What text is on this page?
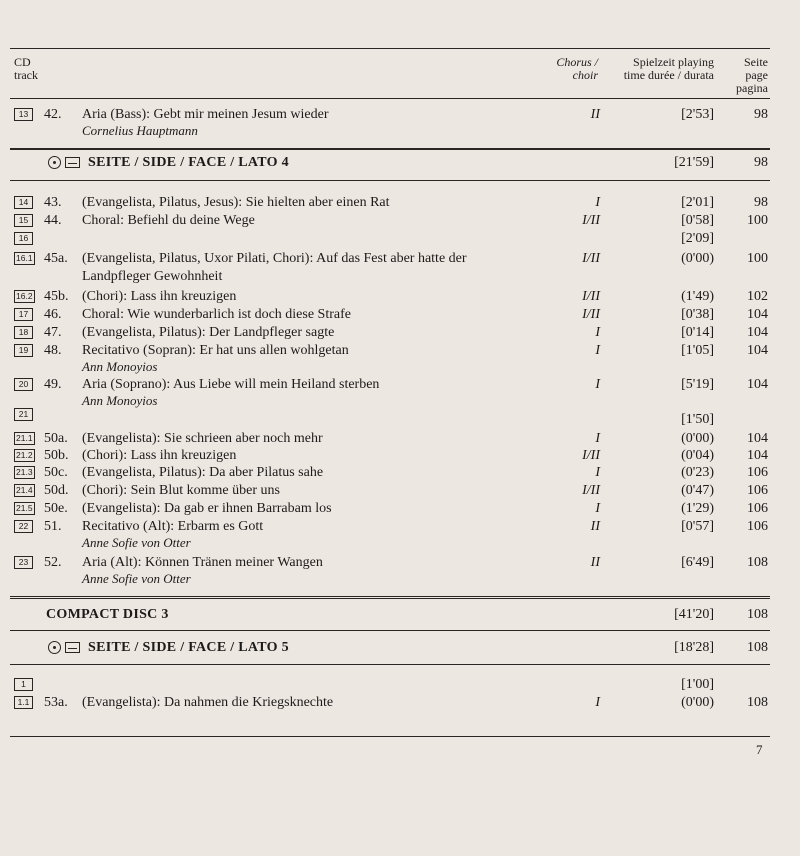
CD track
Chorus / choir
Spielzeit playing time durée / durata
Seite page pagina
13	42.	Aria (Bass): Gebt mir meinen Jesum wieder	II	[2'53]	98
Cornelius Hauptmann
SEITE / SIDE / FACE / LATO 4	[21'59]	98
14	43.	(Evangelista, Pilatus, Jesus): Sie hielten aber einen Rat	I	[2'01]	98
15	44.	Choral: Befiehl du deine Wege	I/II	[0'58]	100
16	[2'09]
16.1 45a.	(Evangelista, Pilatus, Uxor Pilati, Chori): Auf das Fest aber hatte der	I/II	(0'00)	100
Landpfleger Gewohnheit
16.2 45b. (Chori): Lass ihn kreuzigen	I/II	(1'49)	102
17	46.	Choral: Wie wunderbarlich ist doch diese Strafe	I/II	[0'38]	104
18	47.	(Evangelista, Pilatus): Der Landpfleger sagte	I	[0'14]	104
19	48.	Recitativo (Sopran): Er hat uns allen wohlgetan	I	[1'05]	104
Ann Monoyios
20	49.	Aria (Soprano): Aus Liebe will mein Heiland sterben	I	[5'19]	104
Ann Monoyios
21	[1'50]
21.1 50a.	(Evangelista): Sie schrieen aber noch mehr	I	(0'00)	104
21.2 50b. (Chori): Lass ihn kreuzigen	I/II	(0'04)	104
21.3 50c.	(Evangelista, Pilatus): Da aber Pilatus sahe	I	(0'23)	106
21.4 50d. (Chori): Sein Blut komme über uns	I/II	(0'47)	106
21.5 50e.	(Evangelista): Da gab er ihnen Barrabam los	I	(1'29)	106
22	51.	Recitativo (Alt): Erbarm es Gott	II	[0'57]	106
Anne Sofie von Otter
23	52.	Aria (Alt): Können Tränen meiner Wangen	II	[6'49]	108
Anne Sofie von Otter
COMPACT DISC 3	[41'20]	108
SEITE / SIDE / FACE / LATO 5	[18'28]	108
1	[1'00]
1.1 53a.	(Evangelista): Da nahmen die Kriegsknechte	I	(0'00)	108
7
